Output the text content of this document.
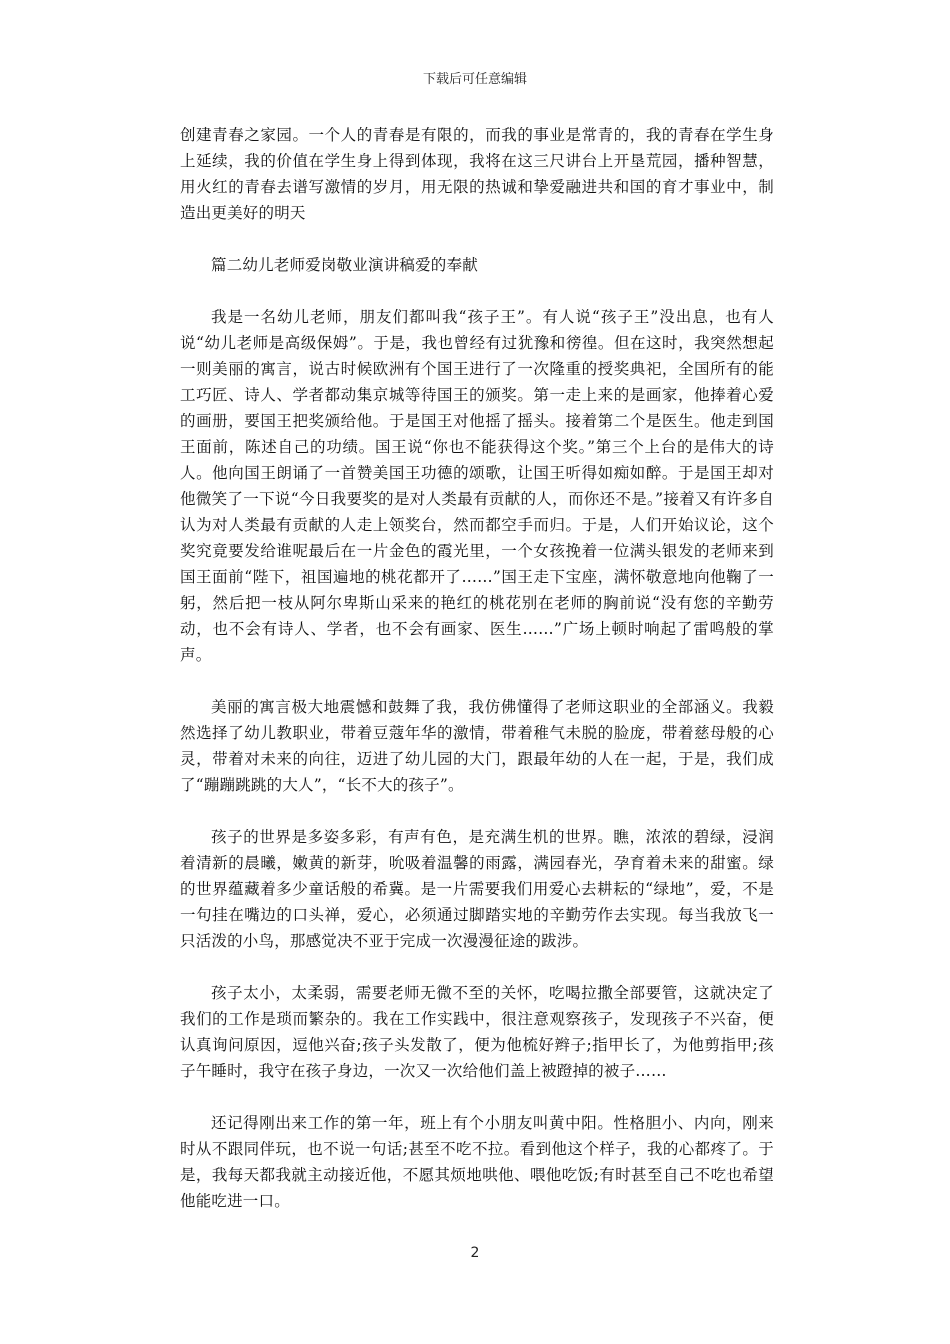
下载后可任意编辑

创建青春之家园。一个人的青春是有限的，而我的事业是常青的，我的青春在学生身上延续，我的价值在学生身上得到体现，我将在这三尺讲台上开垦荒园，播种智慧，用火红的青春去谱写激情的岁月，用无限的热诚和挚爱融进共和国的育才事业中，制造出更美好的明天

篇二幼儿老师爱岗敬业演讲稿爱的奉献

我是一名幼儿老师，朋友们都叫我“孩子王”。有人说“孩子王”没出息，也有人说“幼儿老师是高级保姆”。于是，我也曾经有过犹豫和徬徨。但在这时，我突然想起一则美丽的寓言，说古时候欧洲有个国王进行了一次隆重的授奖典祀，全国所有的能工巧匠、诗人、学者都动集京城等待国王的颁奖。第一走上来的是画家，他捧着心爱的画册，要国王把奖颁给他。于是国王对他摇了摇头。接着第二个是医生。他走到国王面前，陈述自己的功绩。国王说“你也不能获得这个奖。”第三个上台的是伟大的诗人。他向国王朗诵了一首赞美国王功德的颂歌，让国王听得如痴如醉。于是国王却对他微笑了一下说“今日我要奖的是对人类最有贡献的人，而你还不是。”接着又有许多自认为对人类最有贡献的人走上领奖台，然而都空手而归。于是，人们开始议论，这个奖究竟要发给谁呢最后在一片金色的霞光里，一个女孩挽着一位满头银发的老师来到国王面前“陛下，祖国遍地的桃花都开了……”国王走下宝座，满怀敬意地向他鞠了一躬，然后把一枝从阿尔卑斯山采来的艳红的桃花别在老师的胸前说“没有您的辛勤劳动，也不会有诗人、学者，也不会有画家、医生……”广场上顿时响起了雷鸣般的掌声。

美丽的寓言极大地震憾和鼓舞了我，我仿佛懂得了老师这职业的全部涵义。我毅然选择了幼儿教职业，带着豆蔻年华的激情，带着稚气未脱的脸庞，带着慈母般的心灵，带着对未来的向往，迈进了幼儿园的大门，跟最年幼的人在一起，于是，我们成了“蹦蹦跳跳的大人”，“长不大的孩子”。

孩子的世界是多姿多彩，有声有色，是充满生机的世界。瞧，浓浓的碧绿，浸润着清新的晨曦，嫩黄的新芽，吮吸着温馨的雨露，满园春光，孕育着未来的甜蜜。绿的世界蕴藏着多少童话般的希冀。是一片需要我们用爱心去耕耘的“绿地”，爱，不是一句挂在嘴边的口头禅，爱心，必须通过脚踏实地的辛勤劳作去实现。每当我放飞一只活泼的小鸟，那感觉决不亚于完成一次漫漫征途的跋涉。

孩子太小，太柔弱，需要老师无微不至的关怀，吃喝拉撒全部要管，这就决定了我们的工作是琐而繁杂的。我在工作实践中，很注意观察孩子，发现孩子不兴奋，便认真询问原因，逗他兴奋;孩子头发散了，便为他梳好辫子;指甲长了，为他剪指甲;孩子午睡时，我守在孩子身边，一次又一次给他们盖上被蹬掉的被子……

还记得刚出来工作的第一年，班上有个小朋友叫黄中阳。性格胆小、内向，刚来时从不跟同伴玩，也不说一句话;甚至不吃不拉。看到他这个样子，我的心都疼了。于是，我每天都我就主动接近他，不愿其烦地哄他、喂他吃饭;有时甚至自己不吃也希望他能吃进一口。

2
